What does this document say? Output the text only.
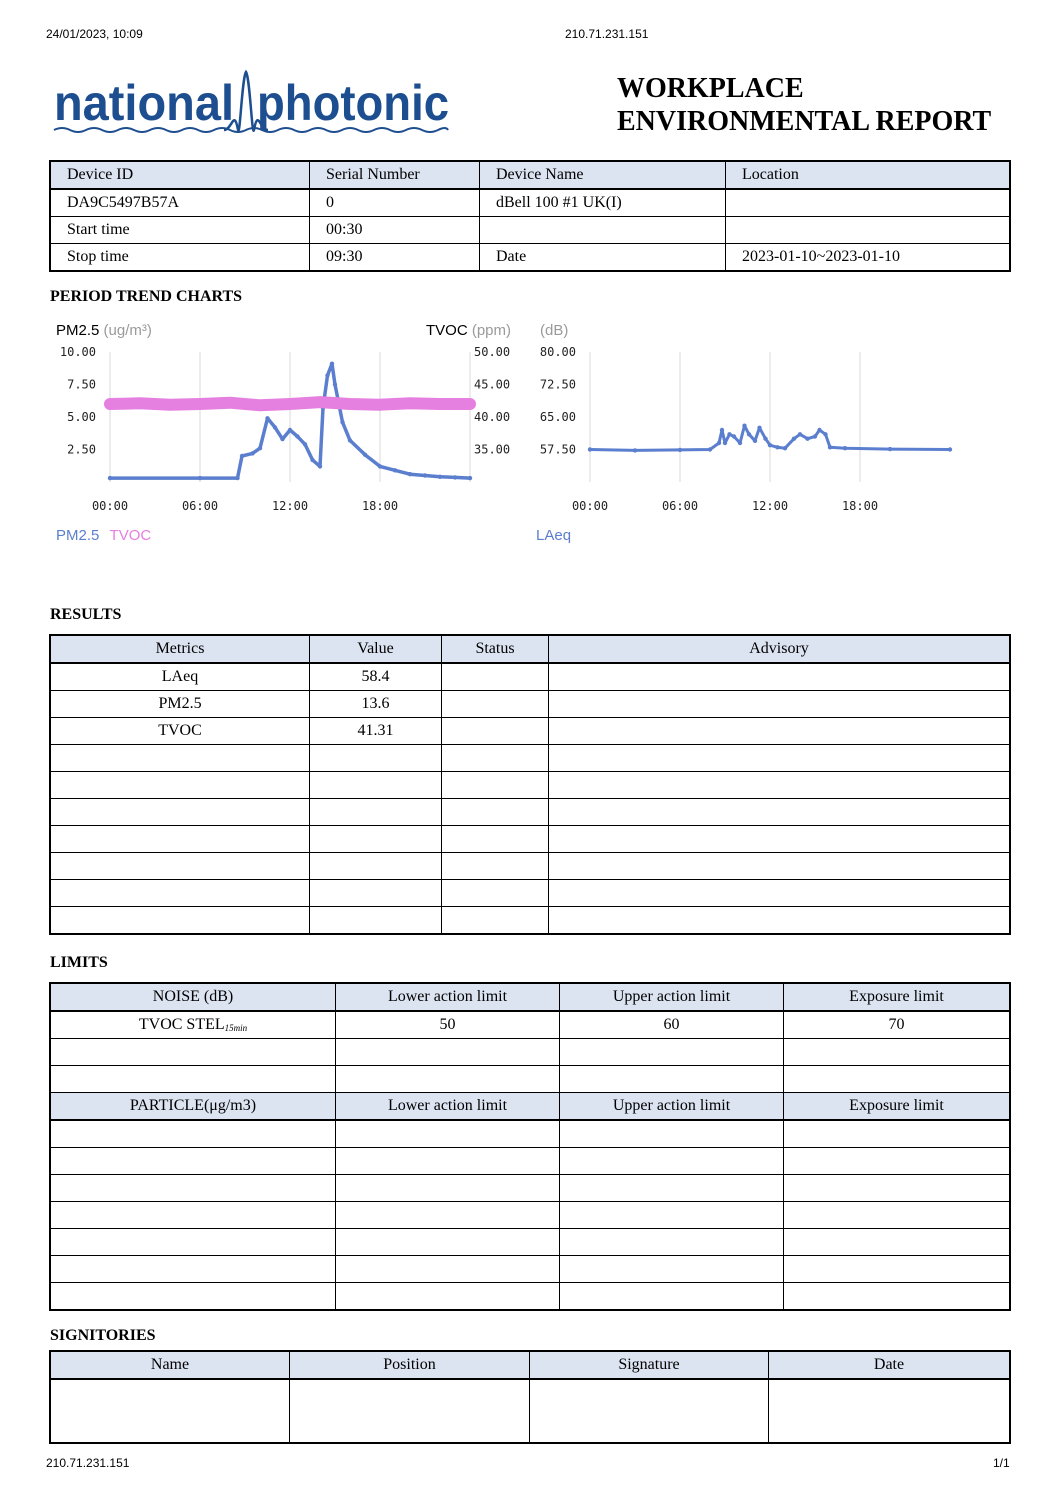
24/01/2023, 10:09	210.71.231.151
national photonic	WORKPLACE
ENVIRONMENTAL REPORT
Device ID	Serial Number	Device Name	Location
DA9C5497B57A	0	dBell 100 #1 UK(I)	
Start time	00:30		
Stop time	09:30	Date	2023-01-10~2023-01-10
PERIOD TREND CHARTS
PM2.5 (ug/m³)	TVOC (ppm) (dB)
00:00	06:00	12:00	18:00
10.00
7.50
5.00
2.50
50.00
45.00
40.00
35.00
00:00	06:00	12:00	18:00
80.00
72.50
65.00
57.50
PM2.5 TVOC	LAeq
RESULTS
Metrics	Value	Status	Advisory
LAeq	58.4		
PM2.5	13.6		
TVOC	41.31		

LIMITS
NOISE (dB)	Lower action limit	Upper action limit	Exposure limit
TVOC $STEL_{15min}$	50	60	70

PARTICLE(μg/m3)	Lower action limit	Upper action limit	Exposure limit

SIGNITORIES
Name	Position	Signature	Date

210.71.231.151	1/1
